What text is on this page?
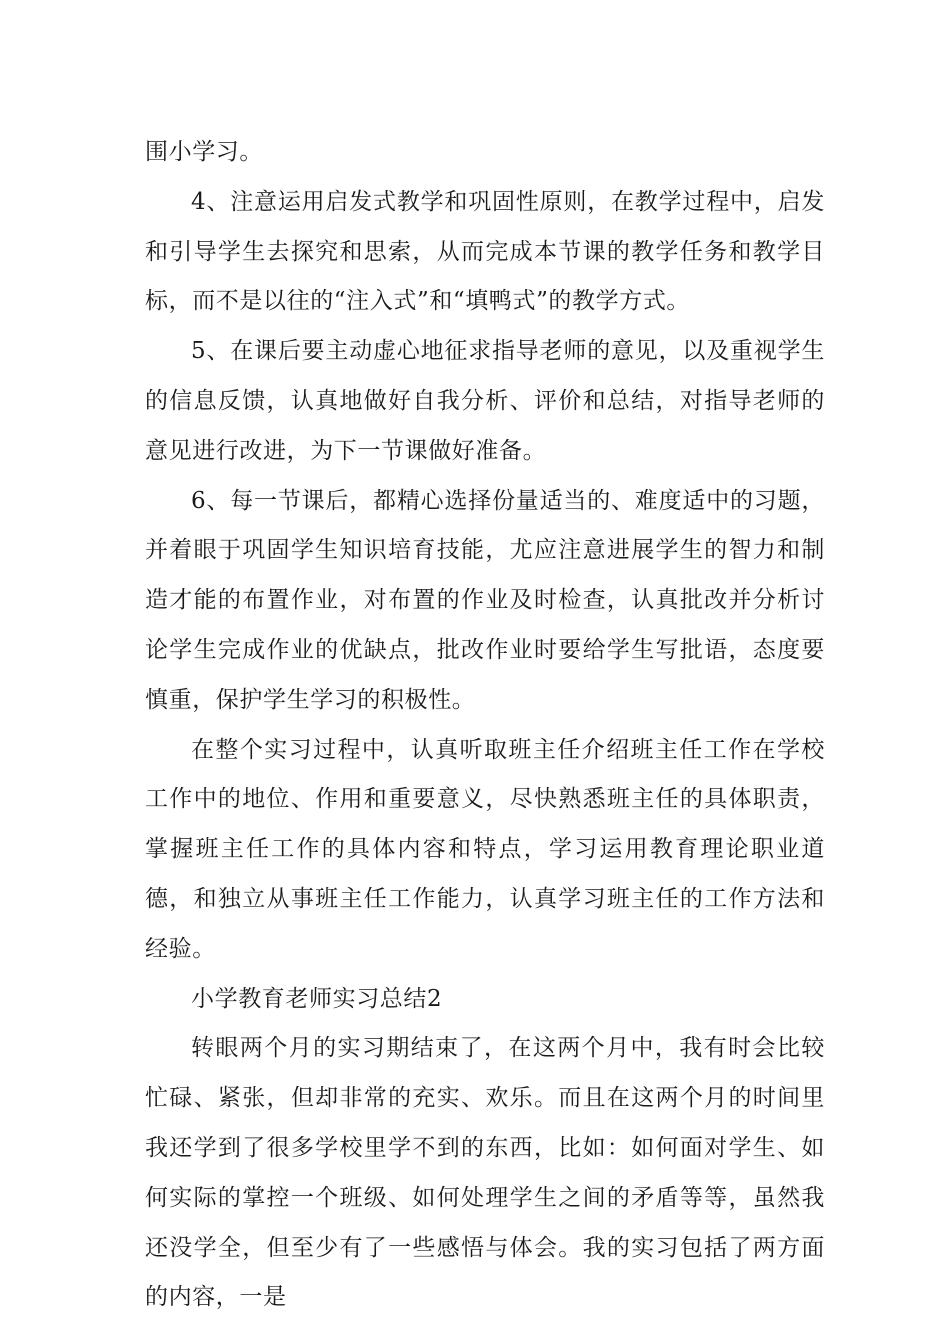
围小学习。

4、注意运用启发式教学和巩固性原则，在教学过程中，启发和引导学生去探究和思索，从而完成本节课的教学任务和教学目标，而不是以往的“注入式”和“填鸭式”的教学方式。

5、在课后要主动虚心地征求指导老师的意见，以及重视学生的信息反馈，认真地做好自我分析、评价和总结，对指导老师的意见进行改进，为下一节课做好准备。

6、每一节课后，都精心选择份量适当的、难度适中的习题，并着眼于巩固学生知识培育技能，尤应注意进展学生的智力和制造才能的布置作业，对布置的作业及时检查，认真批改并分析讨论学生完成作业的优缺点，批改作业时要给学生写批语，态度要慎重，保护学生学习的积极性。

在整个实习过程中，认真听取班主任介绍班主任工作在学校工作中的地位、作用和重要意义，尽快熟悉班主任的具体职责，掌握班主任工作的具体内容和特点，学习运用教育理论职业道德，和独立从事班主任工作能力，认真学习班主任的工作方法和经验。

小学教育老师实习总结2

转眼两个月的实习期结束了，在这两个月中，我有时会比较忙碌、紧张，但却非常的充实、欢乐。而且在这两个月的时间里我还学到了很多学校里学不到的东西，比如：如何面对学生、如何实际的掌控一个班级、如何处理学生之间的矛盾等等，虽然我还没学全，但至少有了一些感悟与体会。我的实习包括了两方面的内容，一是
